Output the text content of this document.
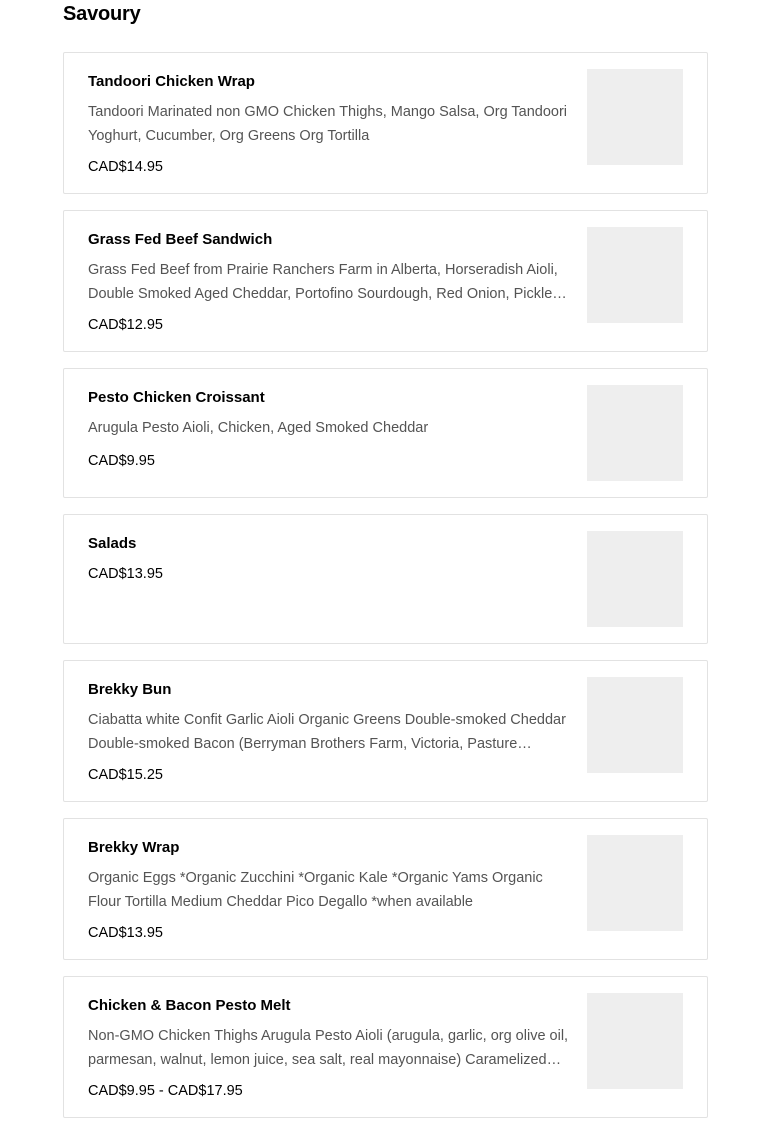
Savoury
Tandoori Chicken Wrap
Tandoori Marinated non GMO Chicken Thighs, Mango Salsa, Org Tandoori Yoghurt, Cucumber, Org Greens Org Tortilla
CAD$14.95
Grass Fed Beef Sandwich
Grass Fed Beef from Prairie Ranchers Farm in Alberta, Horseradish Aioli, Double Smoked Aged Cheddar, Portofino Sourdough, Red Onion, Pickle…
CAD$12.95
Pesto Chicken Croissant
Arugula Pesto Aioli, Chicken, Aged Smoked Cheddar
CAD$9.95
Salads
CAD$13.95
Brekky Bun
Ciabatta white Confit Garlic Aioli Organic Greens Double-smoked Cheddar Double-smoked Bacon (Berryman Brothers Farm, Victoria, Pasture
CAD$15.25
Brekky Wrap
Organic Eggs *Organic Zucchini *Organic Kale *Organic Yams Organic Flour Tortilla Medium Cheddar Pico Degallo *when available
CAD$13.95
Chicken & Bacon Pesto Melt
Non-GMO Chicken Thighs Arugula Pesto Aioli (arugula, garlic, org olive oil, parmesan, walnut, lemon juice, sea salt, real mayonnaise) Caramelized…
CAD$9.95 - CAD$17.95
